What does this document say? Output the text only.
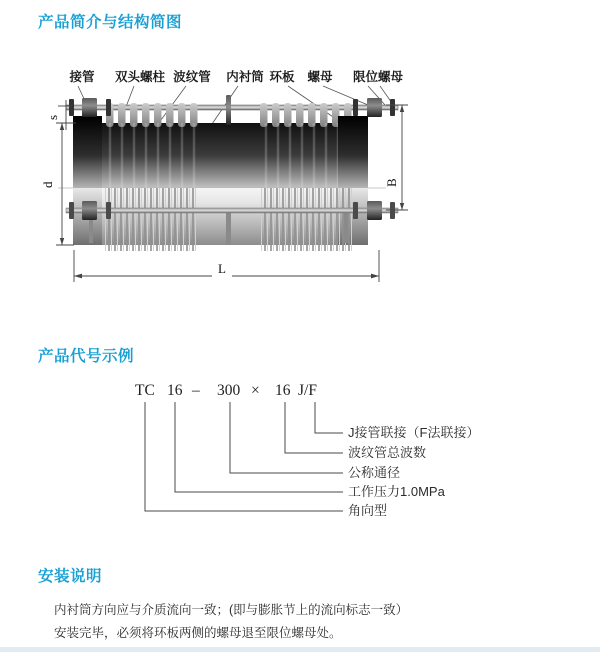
产品简介与结构简图
接管 双头螺柱 波纹管 内衬筒 环板 螺母 限位螺母
s
d	B
L
产品代号示例
TC 16 – 300 × 16 J/F
J接管联接（F法联接）
波纹管总波数
公称通径
工作压力1.0MPa
角向型
安装说明

内衬筒方向应与介质流向一致；(即与膨胀节上的流向标志一致）
安装完毕，必须将环板两侧的螺母退至限位螺母处。
